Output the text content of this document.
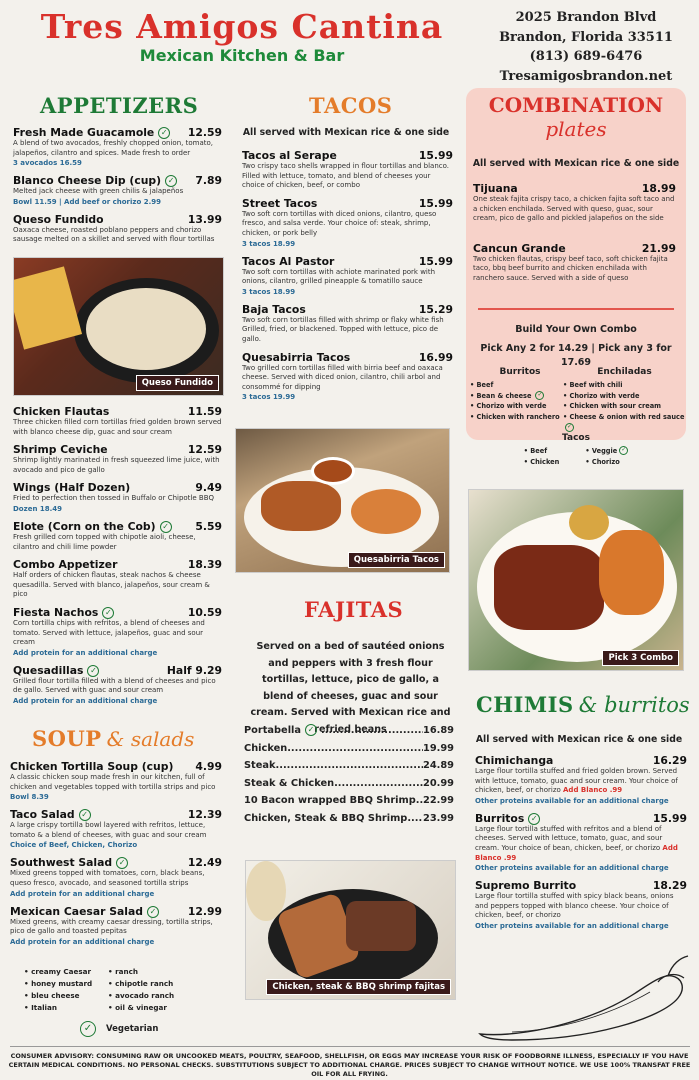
Tres Amigos Cantina
Mexican Kitchen & Bar
2025 Brandon Blvd
Brandon, Florida 33511
(813) 689-6476
Tresamigosbrandon.net
APPETIZERS
Fresh Made Guacamole ✓ 12.59
A blend of two avocados, freshly chopped onion, tomato, jalapeños, cilantro and spices. Made fresh to order
3 avocados 16.59
Blanco Cheese Dip (cup) ✓ 7.89
Melted jack cheese with green chilis & jalapeños
Bowl 11.59 | Add beef or chorizo 2.99
Queso Fundido	13.99
Oaxaca cheese, roasted poblano peppers and chorizo sausage melted on a skillet and served with flour tortillas
Queso Fundido
Chicken Flautas	11.59
Three chicken filled corn tortillas fried golden brown served with blanco cheese dip, guac and sour cream
Shrimp Ceviche	12.59
Shrimp lightly marinated in fresh squeezed lime juice, with avocado and pico de gallo
Wings (Half Dozen)	9.49
Fried to perfection then tossed in Buffalo or Chipotle BBQ
Dozen 18.49
Elote (Corn on the Cob) ✓ 5.59
Fresh grilled corn topped with chipotle aioli, cheese, cilantro and chili lime powder
Combo Appetizer	18.39
Half orders of chicken flautas, steak nachos & cheese quesadilla. Served with blanco, jalapeños, sour cream & pico
Fiesta Nachos ✓	10.59
Corn tortilla chips with refritos, a blend of cheeses and tomato. Served with lettuce, jalapeños, guac and sour cream
Add protein for an additional charge
Quesadillas ✓	Half 9.29
Grilled flour tortilla filled with a blend of cheeses and pico de gallo. Served with guac and sour cream
Add protein for an additional charge
SOUP & salads
Chicken Tortilla Soup (cup) 4.99
A classic chicken soup made fresh in our kitchen, full of chicken and vegetables topped with tortilla strips and pico
Bowl 8.39
Taco Salad ✓	12.39
A large crispy tortilla bowl layered with refritos, lettuce, tomato & a blend of cheeses, with guac and sour cream
Choice of Beef, Chicken, Chorizo
Southwest Salad ✓	12.49
Mixed greens topped with tomatoes, corn, black beans, queso fresco, avocado, and seasoned tortilla strips
Add protein for an additional charge
Mexican Caesar Salad ✓	12.99
Mixed greens, with creamy caesar dressing, tortilla strips, pico de gallo and toasted pepitas
Add protein for an additional charge
• creamy Caesar
• honey mustard
• bleu cheese
• Italian
• ranch
• chipotle ranch
• avocado ranch
• oil & vinegar
✓	Vegetarian
TACOS
All served with Mexican rice & one side
Tacos al Serape	15.99
Two crispy taco shells wrapped in flour tortillas and blanco. Filled with lettuce, tomato, and blend of cheeses your choice of chicken, beef, or combo
Street Tacos	15.99
Two soft corn tortillas with diced onions, cilantro, queso fresco, and salsa verde. Your choice of: steak, shrimp, chicken, or pork belly
3 tacos 18.99
Tacos Al Pastor	15.99
Two soft corn tortillas with achiote marinated pork with onions, cilantro, grilled pineapple & tomatillo sauce
3 tacos 18.99
Baja Tacos	15.29
Two soft corn tortillas filled with shrimp or flaky white fish Grilled, fried, or blackened. Topped with lettuce, pico de gallo.
Quesabirria Tacos	16.99
Two grilled corn tortillas filled with birria beef and oaxaca cheese. Served with diced onion, cilantro, chili arbol and consommé for dipping
3 tacos 19.99
Quesabirria Tacos
FAJITAS
Served on a bed of sautéed onions and peppers with 3 fresh flour tortillas, lettuce, pico de gallo, a blend of cheeses, guac and sour cream. Served with Mexican rice and refried beans
Portabella ✓ .....	16.89
Chicken .....	19.99
Steak .....	24.89
Steak & Chicken .....	20.99
10 Bacon wrapped BBQ Shrimp ..... 22.99
Chicken, Steak & BBQ Shrimp ..... 23.99
Chicken, steak & BBQ shrimp fajitas
COMBINATION
plates
All served with Mexican rice & one side
Tijuana	18.99
One steak fajita crispy taco, a chicken fajita soft taco and a chicken enchilada. Served with queso, guac, sour cream, pico de gallo and pickled jalapeños on the side
Cancun Grande	21.99
Two chicken flautas, crispy beef taco, soft chicken fajita taco, bbq beef burrito and chicken enchilada with ranchero sauce. Served with a side of queso
Build Your Own Combo
Pick Any 2 for 14.29 | Pick any 3 for 17.69
Burritos
• Beef
• Bean & cheese ✓
• Chorizo with verde
• Chicken with ranchero
Enchiladas
• Beef with chili
• Chorizo with verde
• Chicken with sour cream
• Cheese & onion with red sauce✓
Tacos
• Beef
• Chicken
• Veggie ✓
• Chorizo
Pick 3 Combo
CHIMIS & burritos
All served with Mexican rice & one side
Chimichanga	16.29
Large flour tortilla stuffed and fried golden brown. Served with lettuce, tomato, guac and sour cream. Your choice of chicken, beef, or chorizo Add Blanco .99
Other proteins available for an additional charge
Burritos ✓	15.99
Large flour tortilla stuffed with refritos and a blend of cheeses. Served with lettuce, tomato, guac, and sour cream. Your choice of bean, chicken, beef, or chorizo Add Blanco .99
Other proteins available for an additional charge
Supremo Burrito	18.29
Large flour tortilla stuffed with spicy black beans, onions and peppers topped with blanco cheese. Your choice of chicken, beef, or chorizo
Other proteins available for an additional charge
CONSUMER ADVISORY: CONSUMING RAW OR UNCOOKED MEATS, POULTRY, SEAFOOD, SHELLFISH, OR EGGS MAY INCREASE YOUR RISK OF FOODBORNE ILLNESS, ESPECIALLY IF YOU HAVE CERTAIN MEDICAL CONDITIONS. NO PERSONAL CHECKS. SUBSTITUTIONS SUBJECT TO ADDITIONAL CHARGE. PRICES SUBJECT TO CHANGE WITHOUT NOTICE. WE USE 100% TRANSFAT FREE OIL FOR ALL FRYING.
